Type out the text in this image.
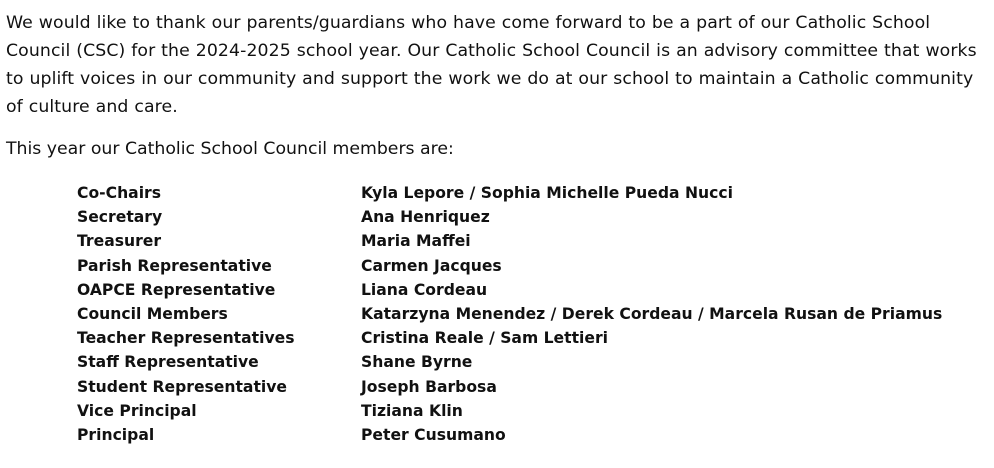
We would like to thank our parents/guardians who have come forward to be a part of our Catholic School
Council (CSC) for the 2024-2025 school year. Our Catholic School Council is an advisory committee that works
to uplift voices in our community and support the work we do at our school to maintain a Catholic community
of culture and care.

This year our Catholic School Council members are:

Co-Chairs	Kyla Lepore / Sophia Michelle Pueda Nucci
Secretary	Ana Henriquez
Treasurer	Maria Maffei
Parish Representative	Carmen Jacques
OAPCE Representative	Liana Cordeau
Council Members	Katarzyna Menendez / Derek Cordeau / Marcela Rusan de Priamus
Teacher Representatives	Cristina Reale / Sam Lettieri
Staff Representative	Shane Byrne
Student Representative	Joseph Barbosa
Vice Principal	Tiziana Klin
Principal	Peter Cusumano
